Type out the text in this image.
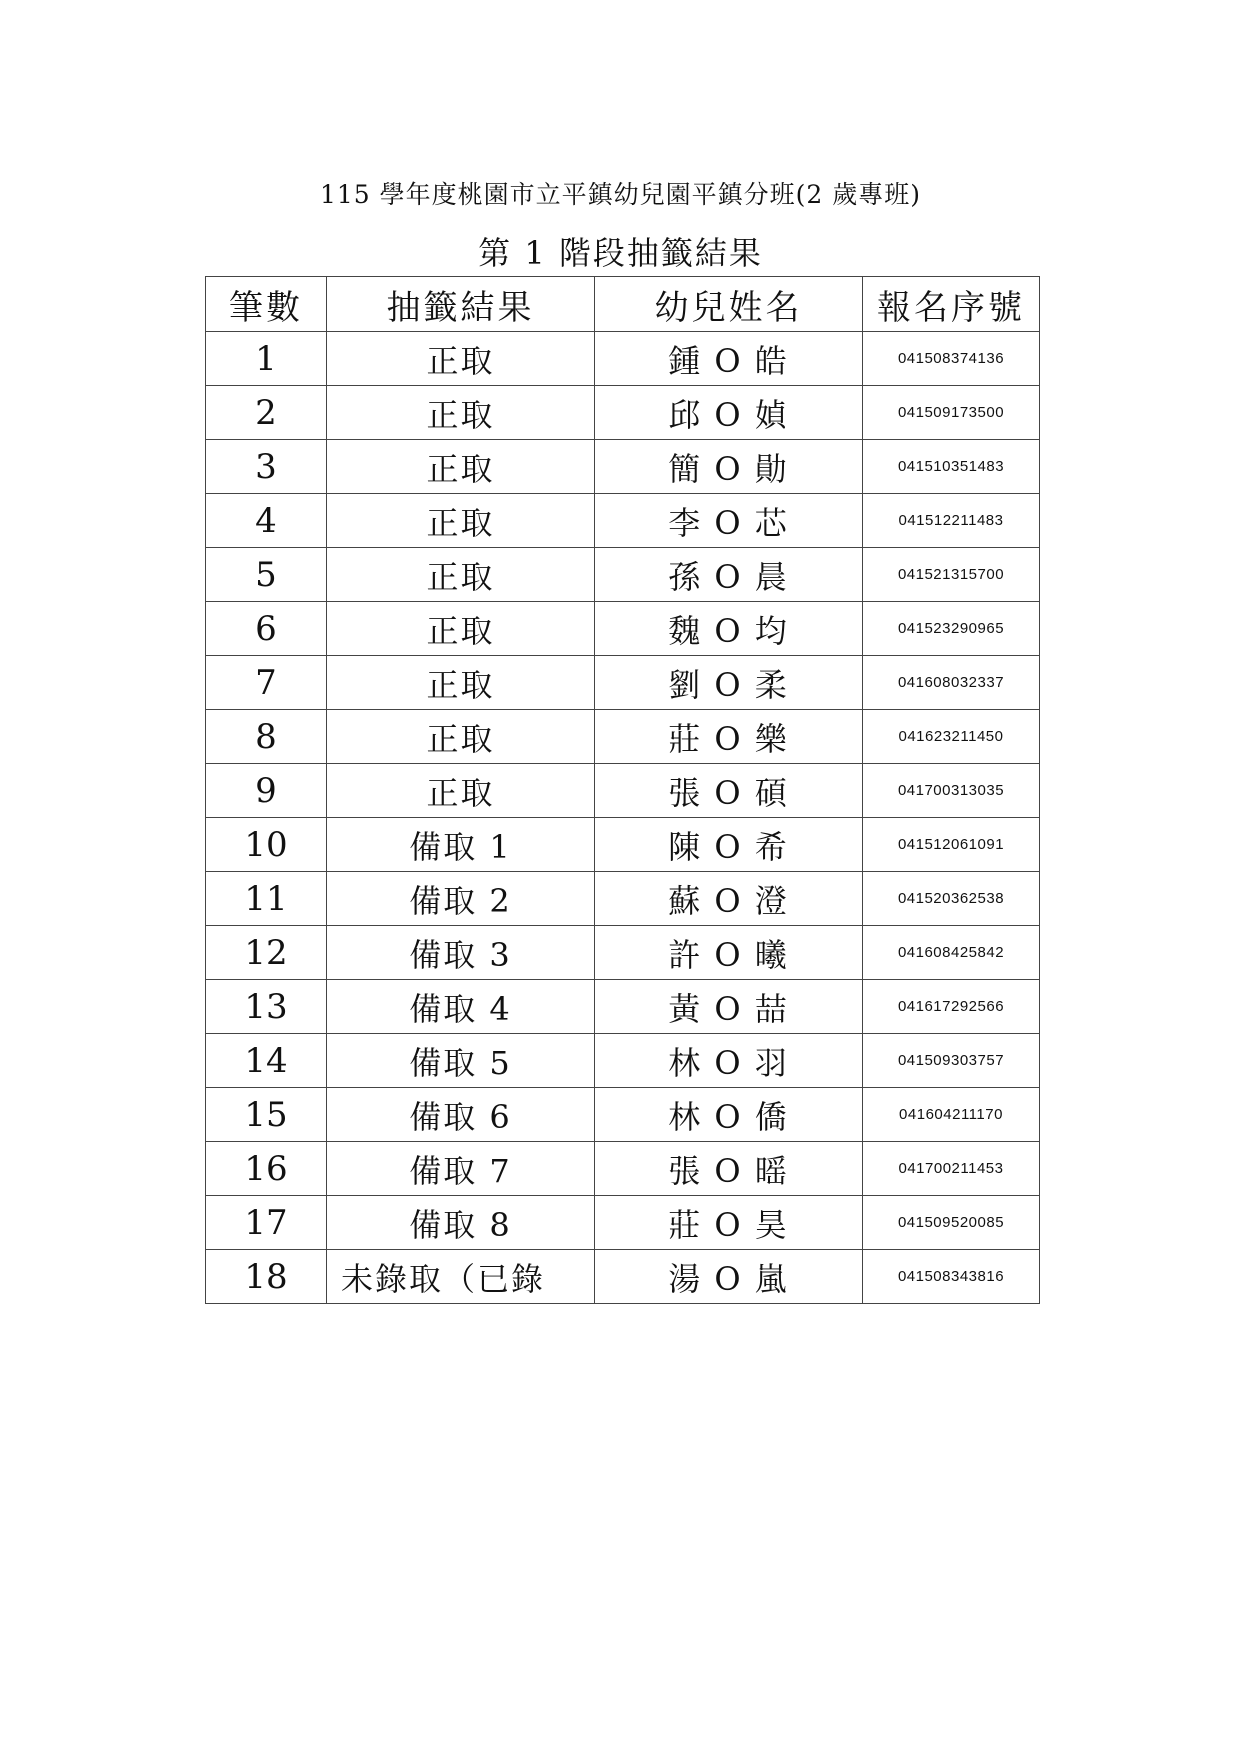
115 學年度桃園市立平鎮幼兒園平鎮分班(2 歲專班)
第 1 階段抽籤結果
筆數	抽籤結果	幼兒姓名	報名序號
1	正取	鍾 O 皓	041508374136
2	正取	邱 O 媜	041509173500
3	正取	簡 O 勛	041510351483
4	正取	李 O 芯	041512211483
5	正取	孫 O 晨	041521315700
6	正取	魏 O 均	041523290965
7	正取	劉 O 柔	041608032337
8	正取	莊 O 樂	041623211450
9	正取	張 O 碩	041700313035
10	備取 1	陳 O 希	041512061091
11	備取 2	蘇 O 澄	041520362538
12	備取 3	許 O 曦	041608425842
13	備取 4	黃 O 喆	041617292566
14	備取 5	林 O 羽	041509303757
15	備取 6	林 O 僑	041604211170
16	備取 7	張 O 暚	041700211453
17	備取 8	莊 O 昊	041509520085
18	未錄取（已錄	湯 O 嵐	041508343816
